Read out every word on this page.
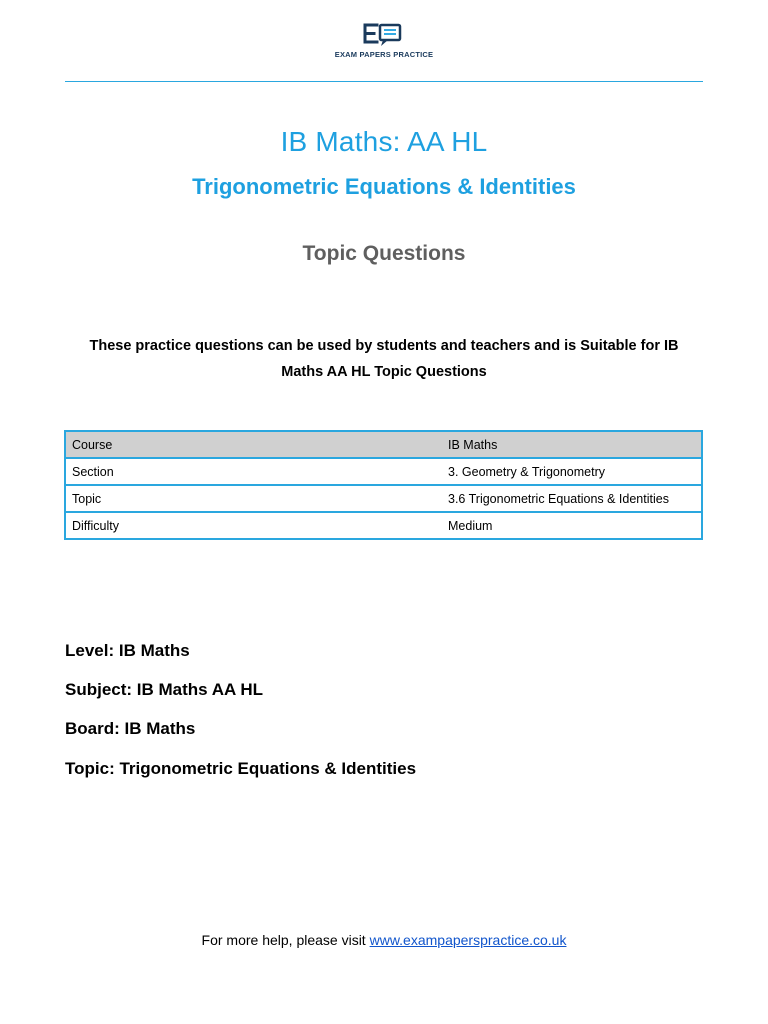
EXAM PAPERS PRACTICE
IB Maths: AA HL
Trigonometric Equations & Identities
Topic Questions
These practice questions can be used by students and teachers and is Suitable for IB
Maths AA HL Topic Questions
Course	IB Maths
Section	3. Geometry & Trigonometry
Topic	3.6 Trigonometric Equations & Identities
Difficulty	Medium
Level: IB Maths
Subject: IB Maths AA HL
Board: IB Maths
Topic: Trigonometric Equations & Identities
For more help, please visit www.exampaperspractice.co.uk
